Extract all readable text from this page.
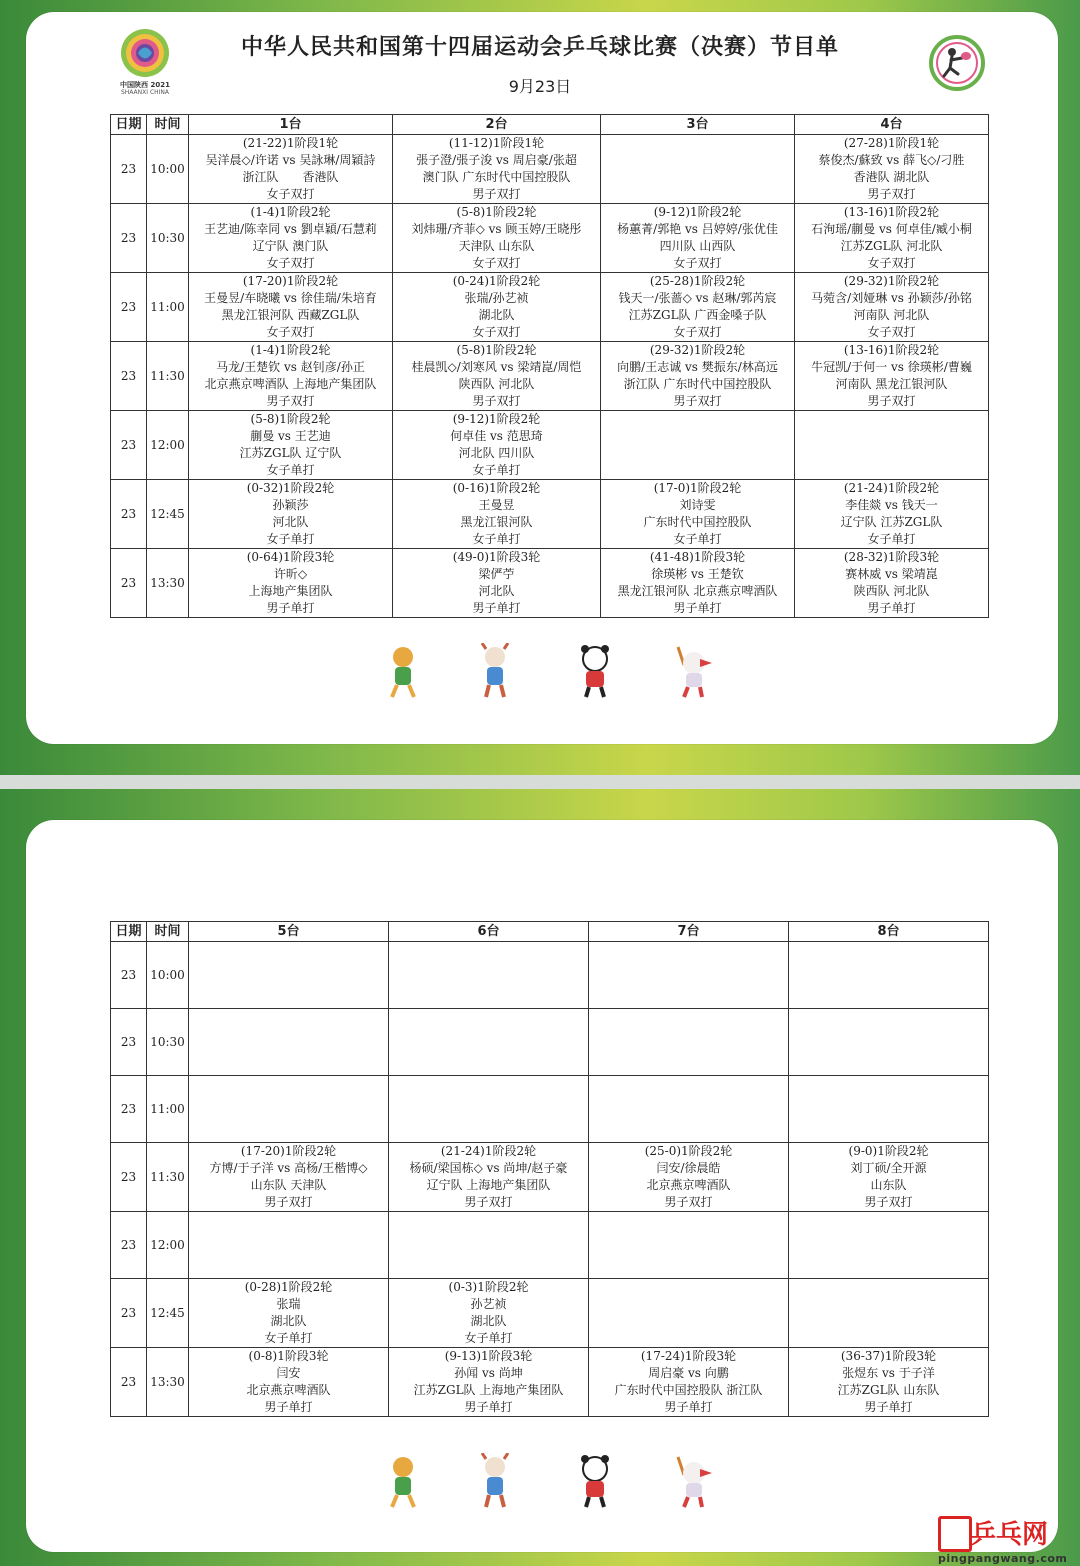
中国陕西 2021
SHAANXI CHINA
中华人民共和国第十四届运动会乒乓球比赛（决赛）节目单
9月23日
日期	时间	1台	2台	3台	4台
23	10:00	(21-22)1阶段1轮
吴洋晨◇/许诺 vs 吴詠琳/周穎詩
浙江队　　香港队
女子双打	(11-12)1阶段1轮
張子澄/張子浚 vs 周启豪/张超
澳门队 广东时代中国控股队
男子双打		(27-28)1阶段1轮
蔡俊杰/蘇致 vs 薛飞◇/刁胜
香港队 湖北队
男子双打

23	10:30	(1-4)1阶段2轮
王艺迪/陈幸同 vs 劉卓穎/石慧莉
辽宁队 澳门队
女子双打	(5-8)1阶段2轮
刘炜珊/齐菲◇ vs 顾玉婷/王晓彤
天津队 山东队
女子双打	(9-12)1阶段2轮
杨蕙菁/郭艳 vs 吕婷婷/张优佳
四川队 山西队
女子双打	(13-16)1阶段2轮
石洵瑶/蒯曼 vs 何卓佳/臧小桐
江苏ZGL队 河北队
女子双打

23	11:00	(17-20)1阶段2轮
王曼昱/车晓曦 vs 徐佳瑞/朱培育
黑龙江银河队 西藏ZGL队
女子双打	(0-24)1阶段2轮
张瑞/孙艺祯
湖北队
女子双打	(25-28)1阶段2轮
钱天一/张蔷◇ vs 赵琳/郭芮宸
江苏ZGL队 广西金嗓子队
女子双打	(29-32)1阶段2轮
马菀含/刘娅琳 vs 孙颖莎/孙铭
河南队 河北队
女子双打

23	11:30	(1-4)1阶段2轮
马龙/王楚钦 vs 赵钊彦/孙正
北京燕京啤酒队 上海地产集团队
男子双打	(5-8)1阶段2轮
桂晨凯◇/刘寒风 vs 梁靖崑/周恺
陕西队 河北队
男子双打	(29-32)1阶段2轮
向鹏/王志诚 vs 樊振东/林高远
浙江队 广东时代中国控股队
男子双打	(13-16)1阶段2轮
牛冠凯/于何一 vs 徐瑛彬/曹巍
河南队 黑龙江银河队
男子双打

23	12:00	(5-8)1阶段2轮
蒯曼 vs 王艺迪
江苏ZGL队 辽宁队
女子单打	(9-12)1阶段2轮
何卓佳 vs 范思琦
河北队 四川队
女子单打		

23	12:45	(0-32)1阶段2轮
孙颖莎
河北队
女子单打	(0-16)1阶段2轮
王曼昱
黑龙江银河队
女子单打	(17-0)1阶段2轮
刘诗雯
广东时代中国控股队
女子单打	(21-24)1阶段2轮
李佳燚 vs 钱天一
辽宁队 江苏ZGL队
女子单打

23	13:30	(0-64)1阶段3轮
许昕◇
上海地产集团队
男子单打	(49-0)1阶段3轮
梁俨苧
河北队
男子单打	(41-48)1阶段3轮
徐瑛彬 vs 王楚钦
黑龙江银河队 北京燕京啤酒队
男子单打	(28-32)1阶段3轮
赛林威 vs 梁靖崑
陕西队 河北队
男子单打
日期	时间	5台	6台	7台	8台
23	10:00	

23	10:30	

23	11:00	

23	11:30	(17-20)1阶段2轮
方博/于子洋 vs 高杨/王楷博◇
山东队 天津队
男子双打	(21-24)1阶段2轮
杨硕/梁国栋◇ vs 尚坤/赵子豪
辽宁队 上海地产集团队
男子双打	(25-0)1阶段2轮
闫安/徐晨皓
北京燕京啤酒队
男子双打	(9-0)1阶段2轮
刘丁硕/全开源
山东队
男子双打

23	12:00	

23	12:45	(0-28)1阶段2轮
张瑞
湖北队
女子单打	(0-3)1阶段2轮
孙艺祯
湖北队
女子单打		

23	13:30	(0-8)1阶段3轮
闫安
北京燕京啤酒队
男子单打	(9-13)1阶段3轮
孙闻 vs 尚坤
江苏ZGL队 上海地产集团队
男子单打	(17-24)1阶段3轮
周启豪 vs 向鹏
广东时代中国控股队 浙江队
男子单打	(36-37)1阶段3轮
张煜东 vs 于子洋
江苏ZGL队 山东队
男子单打
乒乓网
pingpangwang.com
